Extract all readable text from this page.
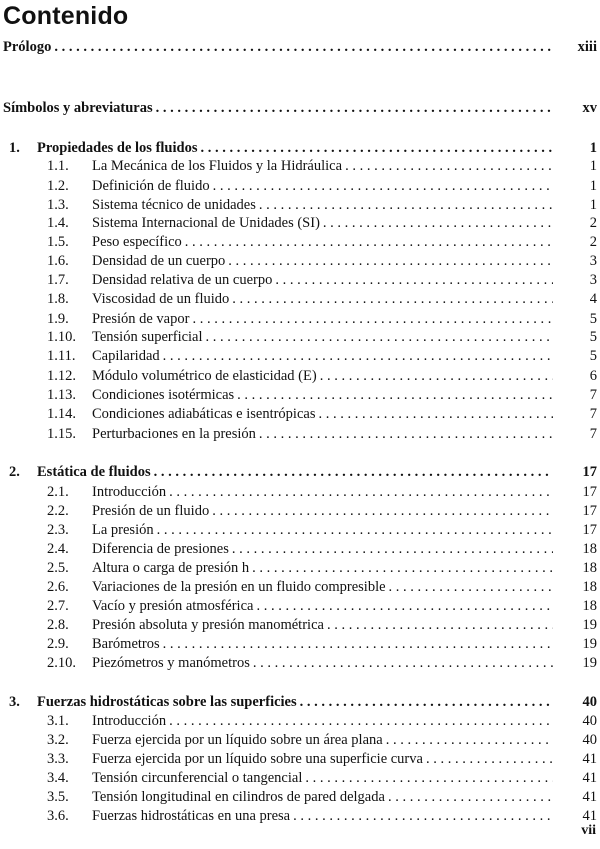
Contenido
Prólogo . . .	xiii
Símbolos y abreviaturas . . .	xv
1.	Propiedades de los fluidos . . .	1
1.1.	La Mecánica de los Fluidos y la Hidráulica . . .	1
1.2.	Definición de fluido . . .	1
1.3.	Sistema técnico de unidades . . .	1
1.4.	Sistema Internacional de Unidades (SI) . . .	2
1.5.	Peso específico . . .	2
1.6.	Densidad de un cuerpo . . .	3
1.7.	Densidad relativa de un cuerpo . . .	3
1.8.	Viscosidad de un fluido . . .	4
1.9.	Presión de vapor . . .	5
1.10.	Tensión superficial . . .	5
1.11.	Capilaridad . . .	5
1.12.	Módulo volumétrico de elasticidad (E) . . .	6
1.13.	Condiciones isotérmicas . . .	7
1.14.	Condiciones adiabáticas e isentrópicas . . .	7
1.15.	Perturbaciones en la presión . . .	7
2.	Estática de fluidos . . .	17
2.1.	Introducción . . .	17
2.2.	Presión de un fluido . . .	17
2.3.	La presión . . .	17
2.4.	Diferencia de presiones . . .	18
2.5.	Altura o carga de presión h . . .	18
2.6.	Variaciones de la presión en un fluido compresible . . .	18
2.7.	Vacío y presión atmosférica . . .	18
2.8.	Presión absoluta y presión manométrica . . .	19
2.9.	Barómetros . . .	19
2.10.	Piezómetros y manómetros . . .	19
3.	Fuerzas hidrostáticas sobre las superficies . . .	40
3.1.	Introducción . . .	40
3.2.	Fuerza ejercida por un líquido sobre un área plana . . .	40
3.3.	Fuerza ejercida por un líquido sobre una superficie curva . . .	41
3.4.	Tensión circunferencial o tangencial . . .	41
3.5.	Tensión longitudinal en cilindros de pared delgada . . .	41
3.6.	Fuerzas hidrostáticas en una presa . . .	41
vii
